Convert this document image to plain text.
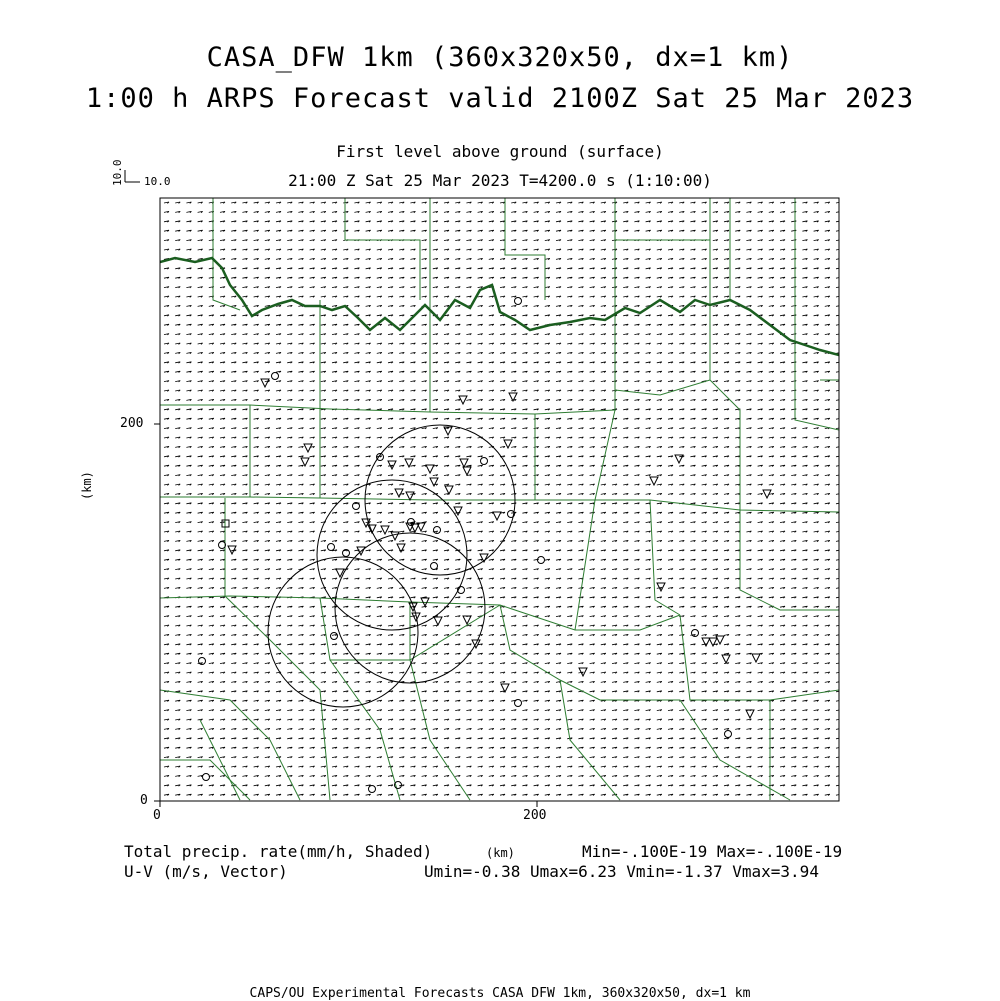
CASA_DFW 1km (360x320x50, dx=1 km)
1:00 h ARPS Forecast valid 2100Z Sat 25 Mar 2023
First level above ground (surface)
21:00 Z Sat 25 Mar 2023 T=4200.0 s (1:10:00)
10.0 10.0
0
200
0	200
(km)
(km)
Total precip. rate(mm/h, Shaded)
U-V (m/s, Vector)
Min=-.100E-19 Max=-.100E-19
Umin=-0.38 Umax=6.23 Vmin=-1.37 Vmax=3.94
CAPS/OU Experimental Forecasts CASA DFW 1km, 360x320x50, dx=1 km
